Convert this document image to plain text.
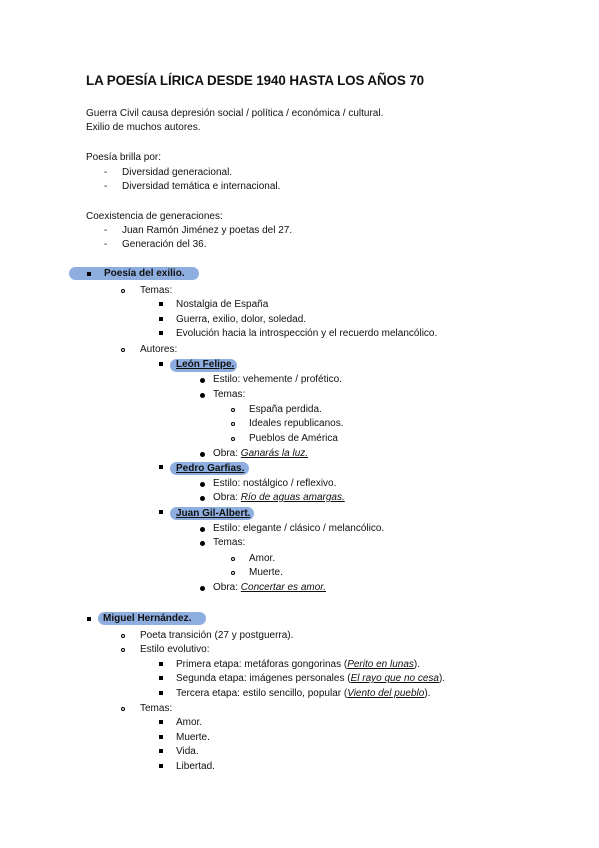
LA POESÍA LÍRICA DESDE 1940 HASTA LOS AÑOS 70
Guerra Civil causa depresión social / política / económica / cultural.
Exilio de muchos autores.
Poesía brilla por:
- Diversidad generacional.
- Diversidad temática e internacional.
Coexistencia de generaciones:
- Juan Ramón Jiménez y poetas del 27.
- Generación del 36.
Poesía del exilio.
Temas:
Nostalgia de España
Guerra, exilio, dolor, soledad.
Evolución hacia la introspección y el recuerdo melancólico.
Autores:
León Felipe.
Estilo: vehemente / profético.
Temas:
España perdida.
Ideales republicanos.
Pueblos de América
Obra: Ganarás la luz.
Pedro Garfias.
Estilo: nostálgico / reflexivo.
Obra: Río de aguas amargas.
Juan Gil-Albert.
Estilo: elegante / clásico / melancólico.
Temas:
Amor.
Muerte.
Obra: Concertar es amor.
Miguel Hernández.
Poeta transición (27 y postguerra).
Estilo evolutivo:
Primera etapa: metáforas gongorinas (Perito en lunas).
Segunda etapa: imágenes personales (El rayo que no cesa).
Tercera etapa: estilo sencillo, popular (Viento del pueblo).
Temas:
Amor.
Muerte.
Vida.
Libertad.
